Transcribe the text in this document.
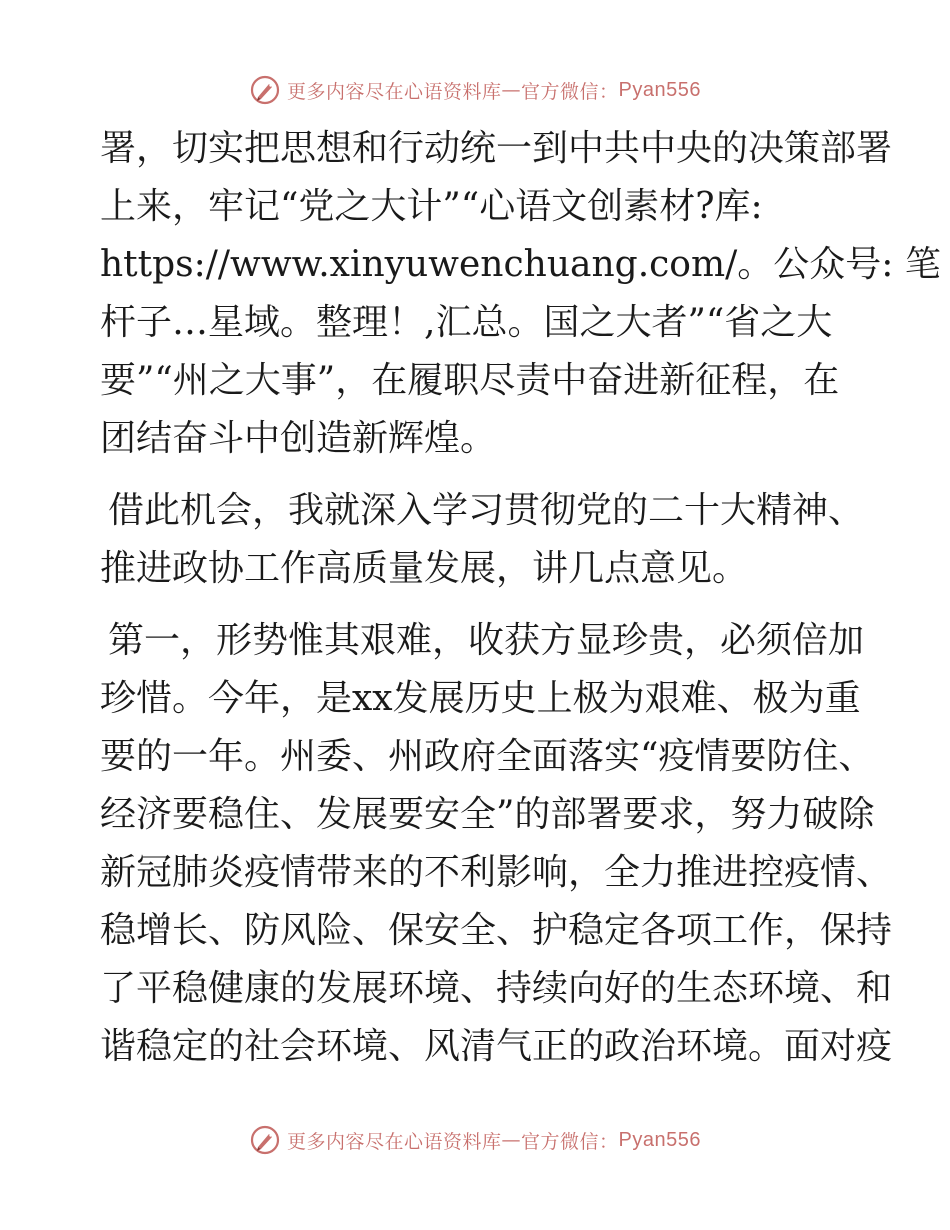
更多内容尽在心语资料库 — 官方微信： Pyan556

署，切实把思想和行动统一到中共中央的决策部署

上来，牢记“党之大计”“心语文创素材?库:

https://www.xinyuwenchuang.com/。公众号: 笔

杆子…星域。整理！,汇总。国之大者”“省之大

要”“州之大事”，在履职尽责中奋进新征程，在

团结奋斗中创造新辉煌。

借此机会，我就深入学习贯彻党的二十大精神、

推进政协工作高质量发展，讲几点意见。

第一，形势惟其艰难，收获方显珍贵，必须倍加

珍惜。今年，是xx发展历史上极为艰难、极为重

要的一年。州委、州政府全面落实“疫情要防住、

经济要稳住、发展要安全”的部署要求，努力破除

新冠肺炎疫情带来的不利影响，全力推进控疫情、

稳增长、防风险、保安全、护稳定各项工作，保持

了平稳健康的发展环境、持续向好的生态环境、和

谐稳定的社会环境、风清气正的政治环境。面对疫

更多内容尽在心语资料库 — 官方微信： Pyan556
